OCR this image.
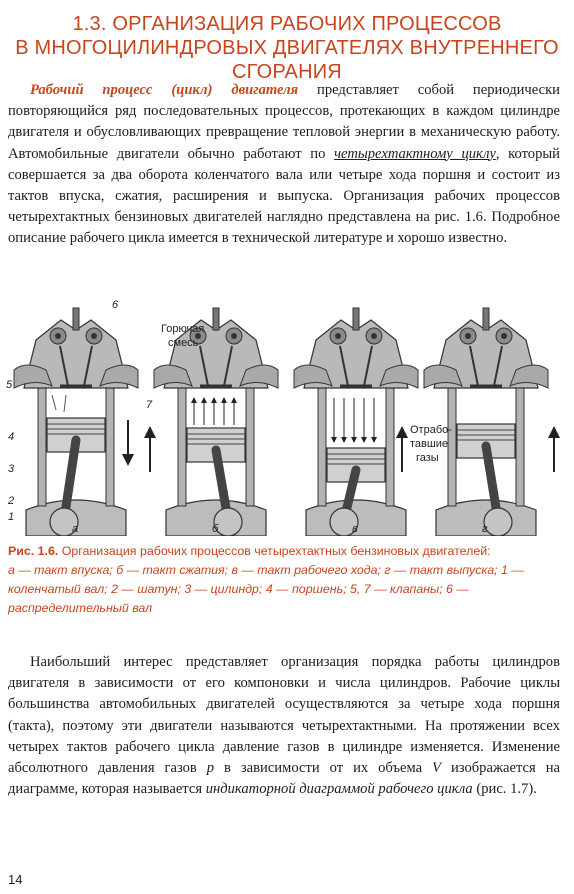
1.3. ОРГАНИЗАЦИЯ РАБОЧИХ ПРОЦЕССОВ
В МНОГОЦИЛИНДРОВЫХ ДВИГАТЕЛЯХ ВНУТРЕННЕГО СГОРАНИЯ
Рабочий процесс (цикл) двигателя представляет собой периодически повторяющийся ряд последовательных процессов, протекающих в каждом цилиндре двигателя и обусловливающих превращение тепловой энергии в механическую работу. Автомобильные двигатели обычно работают по четырехтактному циклу, который совершается за два оборота коленчатого вала или четыре хода поршня и состоит из тактов впуска, сжатия, расширения и выпуска. Организация рабочих процессов четырехтактных бензиновых двигателей наглядно представлена на рис. 1.6. Подробное описание рабочего цикла имеется в технической литературе и хорошо известно.
Горючая
смесь
Отрабо-
тавшие
газы
6
5
7
4
3
2
1
а	б	в	г
Рис. 1.6. Организация рабочих процессов четырехтактных бензиновых двигателей:
а — такт впуска; б — такт сжатия; в — такт рабочего хода; г — такт выпуска; 1 — коленчатый вал; 2 — шатун; 3 — цилиндр; 4 — поршень; 5, 7 — клапаны; 6 — распределительный вал
Наибольший интерес представляет организация порядка работы цилиндров двигателя в зависимости от его компоновки и числа цилиндров. Рабочие циклы большинства автомобильных двигателей осуществляются за четыре хода поршня (такта), поэтому эти двигатели называются четырехтактными. На протяжении всех четырех тактов рабочего цикла давление газов в цилиндре изменяется. Изменение абсолютного давления газов p в зависимости от их объема V изображается на диаграмме, которая называется индикаторной диаграммой рабочего цикла (рис. 1.7).
14
